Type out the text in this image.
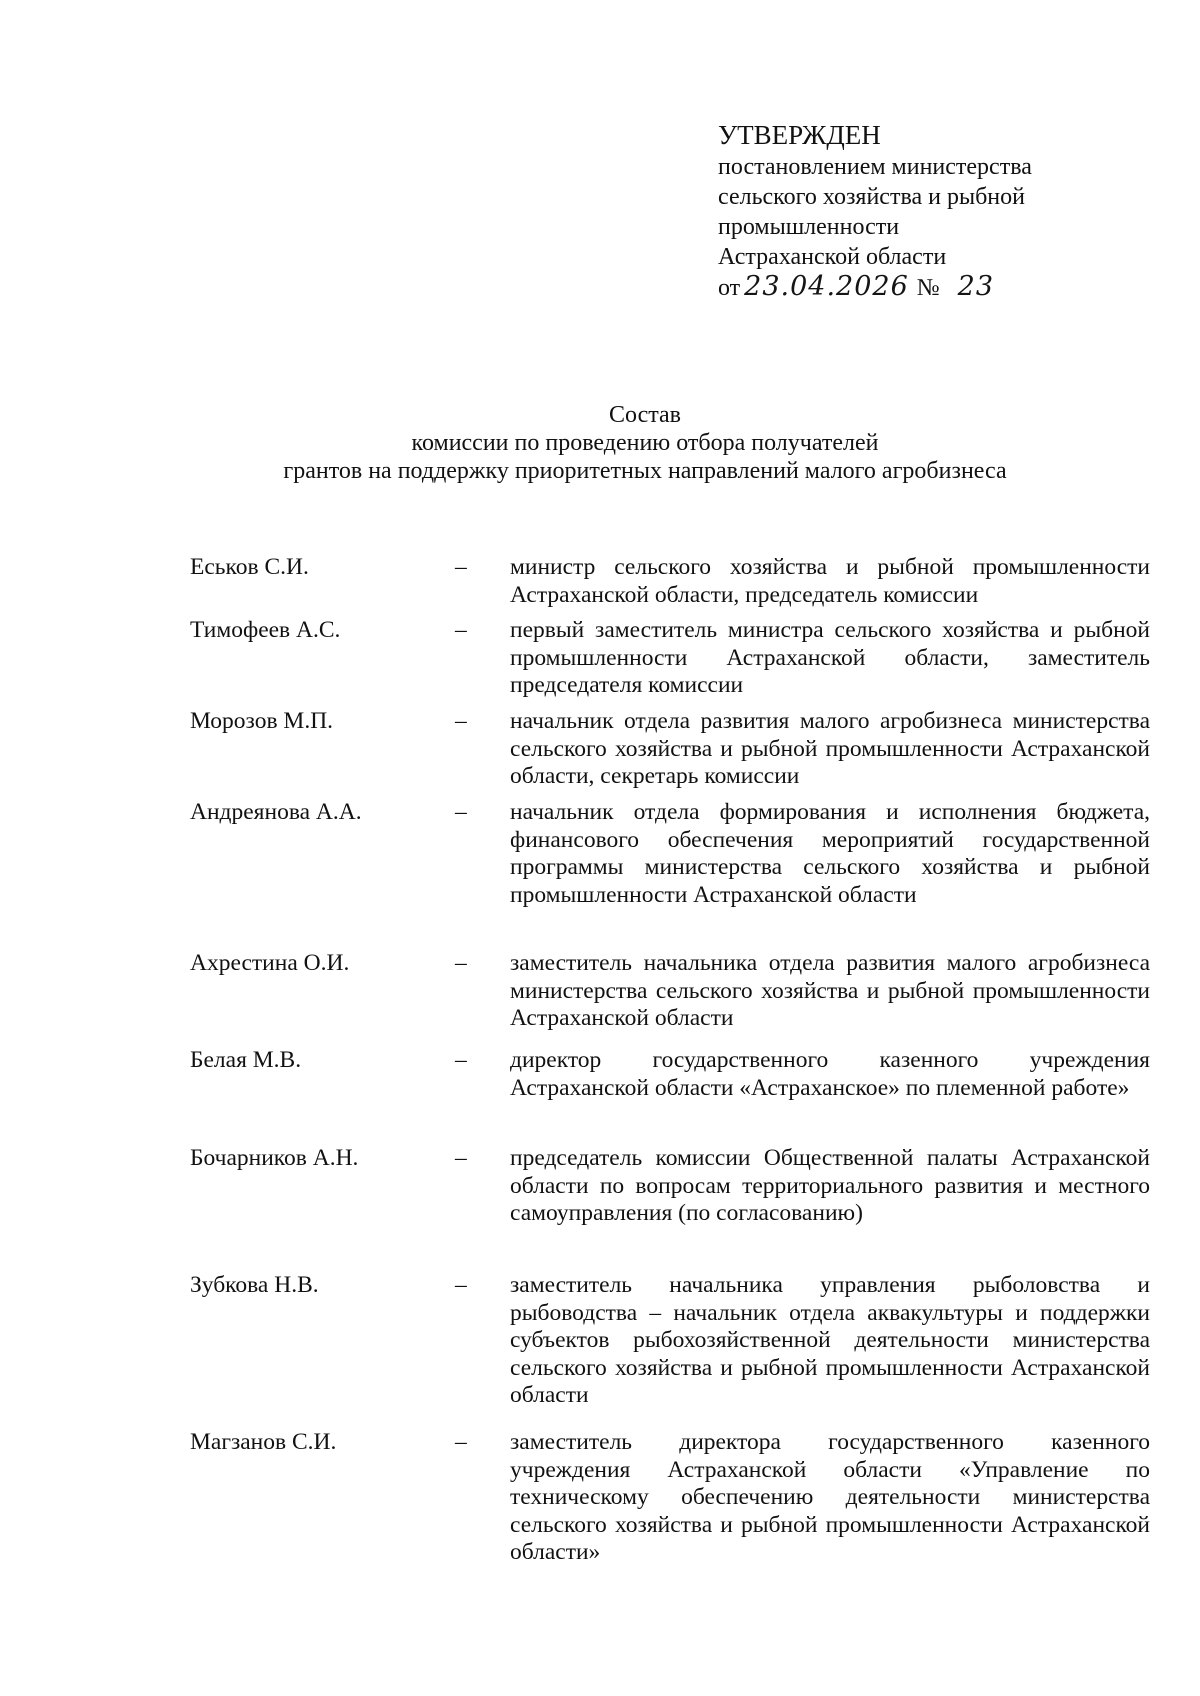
УТВЕРЖДЕН
постановлением министерства
сельского хозяйства и рыбной
промышленности
Астраханской области
от 23.04.2026 № 23
Состав
комиссии по проведению отбора получателей
грантов на поддержку приоритетных направлений малого агробизнеса
Еськов С.И.	–	министр сельского хозяйства и рыбной промышленности Астраханской области, председатель комиссии
Тимофеев А.С.	–	первый заместитель министра сельского хозяйства и рыбной промышленности Астраханской области, заместитель председателя комиссии
Морозов М.П.	–	начальник отдела развития малого агробизнеса министерства сельского хозяйства и рыбной промышленности Астраханской области, секретарь комиссии
Андреянова А.А.	–	начальник отдела формирования и исполнения бюджета, финансового обеспечения мероприятий государственной программы министерства сельского хозяйства и рыбной промышленности Астраханской области
Ахрестина О.И.	–	заместитель начальника отдела развития малого агробизнеса министерства сельского хозяйства и рыбной промышленности Астраханской области
Белая М.В.	–	директор государственного казенного учреждения Астраханской области «Астраханское» по племенной работе»
Бочарников А.Н.	–	председатель комиссии Общественной палаты Астраханской области по вопросам территориального развития и местного самоуправления (по согласованию)
Зубкова Н.В.	–	заместитель начальника управления рыболовства и рыбоводства – начальник отдела аквакультуры и поддержки субъектов рыбохозяйственной деятельности министерства сельского хозяйства и рыбной промышленности Астраханской области
Магзанов С.И.	–	заместитель директора государственного казенного учреждения Астраханской области «Управление по техническому обеспечению деятельности министерства сельского хозяйства и рыбной промышленности Астраханской области»
